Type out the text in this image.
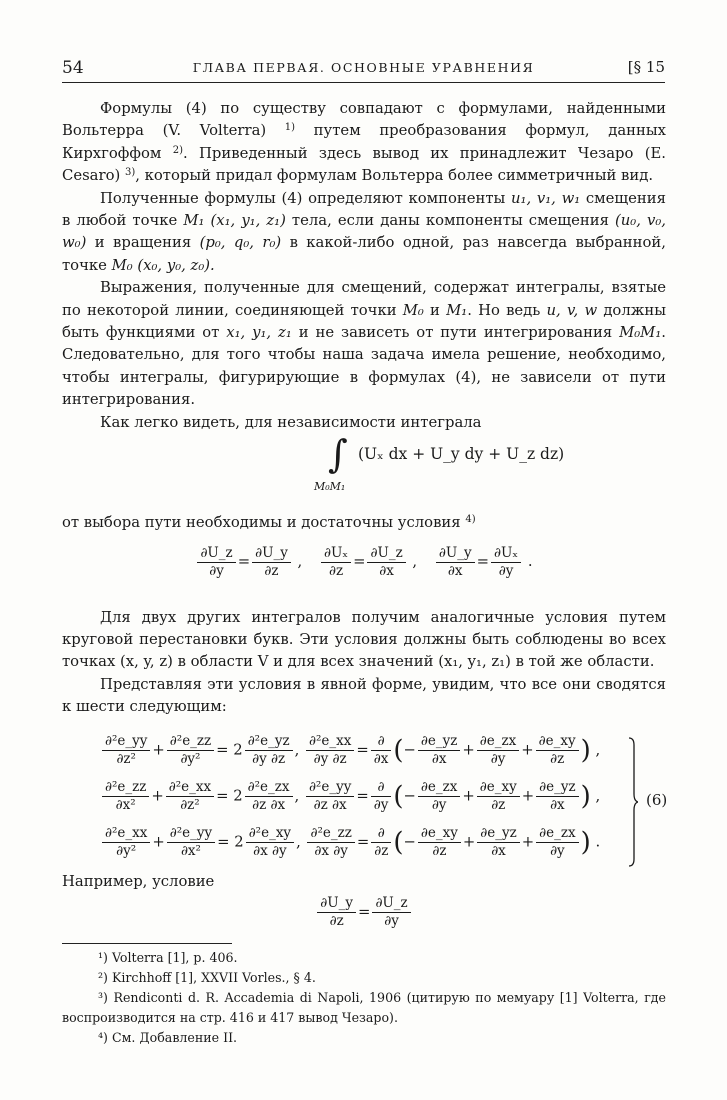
54	ГЛАВА ПЕРВАЯ. ОСНОВНЫЕ УРАВНЕНИЯ	[§ 15

Формулы (4) по существу совпадают с формулами, найденными Вольтерра (V. Volterra) $^{1)}$ путем преобразования формул, данных Кирхгоффом $^{2)}$. Приведенный здесь вывод их принадлежит Чезаро (E. Cesaro) $^{3)}$, который придал формулам Вольтерра более симметричный вид.

Полученные формулы (4) определяют компоненты u₁, v₁, w₁ смещения в любой точке M₁ (x₁, y₁, z₁) тела, если даны компоненты смещения (u₀, v₀, w₀) и вращения (p₀, q₀, r₀) в какой-либо одной, раз навсегда выбранной, точке M₀ (x₀, y₀, z₀).

Выражения, полученные для смещений, содержат интегралы, взятые по некоторой линии, соединяющей точки M₀ и M₁. Но ведь u, v, w должны быть функциями от x₁, y₁, z₁ и не зависеть от пути интегрирования M₀M₁. Следовательно, для того чтобы наша задача имела решение, необходимо, чтобы интегралы, фигурирующие в формулах (4), не зависели от пути интегрирования.

Как легко видеть, для независимости интеграла

∫
M₀M₁
(Uₓ dx + U_y dy + U_z dz)

от выбора пути необходимы и достаточны условия $^{4)}$

$\frac{\partial U\_z}{\partial y} = \frac{\partial U\_y}{\partial z}$ , $\frac{\text{∂Uₓ}}{\partial z} = \frac{\partial U\_z}{\partial x}$ , $\frac{\partial U\_y}{\partial x} = \frac{\text{∂Uₓ}}{\partial y}$ .

Для двух других интегралов получим аналогичные условия путем круговой перестановки букв. Эти условия должны быть соблюдены во всех точках (x, y, z) в области V и для всех значений (x₁, y₁, z₁) в той же области.

Представляя эти условия в явной форме, увидим, что все они сводятся к шести следующим:

$\frac{\text{∂²e\_yy}}{\text{∂z²}} + \frac{\text{∂²e\_zz}}{\text{∂y²}} = 2 \frac{\text{∂²e\_yz}}{\partial y \partial z}$ , $\frac{\text{∂²e\_xx}}{\partial y \partial z} = \frac{\partial}{\partial x}$ (− $\frac{\partial e\_yz}{\partial x} + \frac{\partial e\_zx}{\partial y} + \frac{\partial e\_xy}{\partial z}$ ) ,
$\frac{\text{∂²e\_zz}}{\text{∂x²}} + \frac{\text{∂²e\_xx}}{\text{∂z²}} = 2 \frac{\text{∂²e\_zx}}{\partial z \partial x}$ , $\frac{\text{∂²e\_yy}}{\partial z \partial x} = \frac{\partial}{\partial y}$ (− $\frac{\partial e\_zx}{\partial y} + \frac{\partial e\_xy}{\partial z} + \frac{\partial e\_yz}{\partial x}$ ) ,
$\frac{\text{∂²e\_xx}}{\text{∂y²}} + \frac{\text{∂²e\_yy}}{\text{∂x²}} = 2 \frac{\text{∂²e\_xy}}{\partial x \partial y}$ , $\frac{\text{∂²e\_zz}}{\partial x \partial y} = \frac{\partial}{\partial z}$ (− $\frac{\partial e\_xy}{\partial z} + \frac{\partial e\_yz}{\partial x} + \frac{\partial e\_zx}{\partial y}$ ) .
(6)

Например, условие

$\frac{\partial U\_y}{\partial z} = \frac{\partial U\_z}{\partial y}$
¹) Volterra [1], p. 406.
²) Kirchhoff [1], XXVII Vorles., § 4.
³) Rendiconti d. R. Accademia di Napoli, 1906 (цитирую по мемуару [1] Volterra, где воспроизводится на стр. 416 и 417 вывод Чезаро).
⁴) См. Добавление II.
